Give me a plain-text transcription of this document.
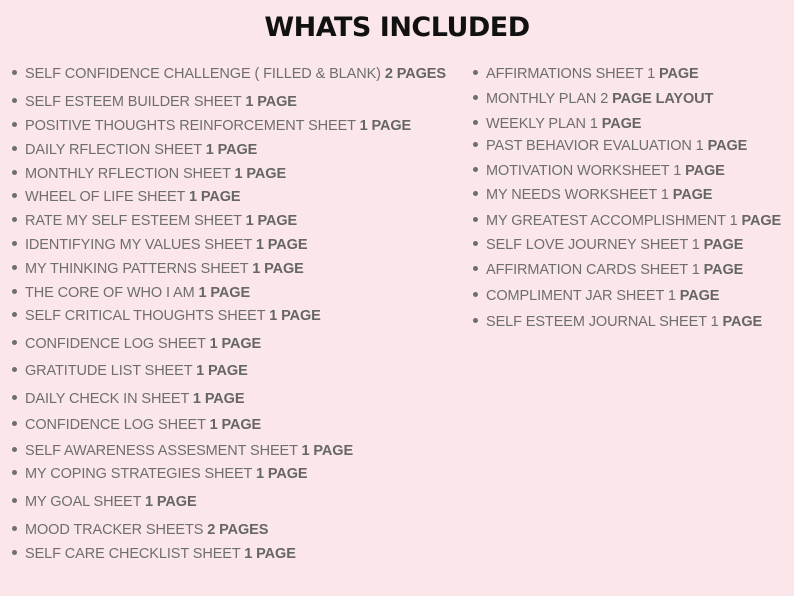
WHATS INCLUDED
SELF CONFIDENCE CHALLENGE ( FILLED & BLANK) 2 PAGES
SELF ESTEEM BUILDER SHEET 1 PAGE
POSITIVE THOUGHTS REINFORCEMENT SHEET 1 PAGE
DAILY RFLECTION SHEET 1 PAGE
MONTHLY RFLECTION SHEET 1 PAGE
WHEEL OF LIFE SHEET 1 PAGE
RATE MY SELF ESTEEM SHEET 1 PAGE
IDENTIFYING MY VALUES SHEET 1 PAGE
MY THINKING PATTERNS SHEET 1 PAGE
THE CORE OF WHO I AM 1 PAGE
SELF CRITICAL THOUGHTS SHEET 1 PAGE
CONFIDENCE LOG SHEET 1 PAGE
GRATITUDE LIST SHEET 1 PAGE
DAILY CHECK IN SHEET 1 PAGE
CONFIDENCE LOG SHEET 1 PAGE
SELF AWARENESS ASSESMENT SHEET 1 PAGE
MY COPING STRATEGIES SHEET 1 PAGE
MY GOAL SHEET 1 PAGE
MOOD TRACKER SHEETS 2 PAGES
SELF CARE CHECKLIST SHEET 1 PAGE
AFFIRMATIONS SHEET 1 PAGE
MONTHLY PLAN 2 PAGE LAYOUT
WEEKLY PLAN 1 PAGE
PAST BEHAVIOR EVALUATION 1 PAGE
MOTIVATION WORKSHEET 1 PAGE
MY NEEDS WORKSHEET 1 PAGE
MY GREATEST ACCOMPLISHMENT 1 PAGE
SELF LOVE JOURNEY SHEET 1 PAGE
AFFIRMATION CARDS SHEET 1 PAGE
COMPLIMENT JAR SHEET 1 PAGE
SELF ESTEEM JOURNAL SHEET 1 PAGE
